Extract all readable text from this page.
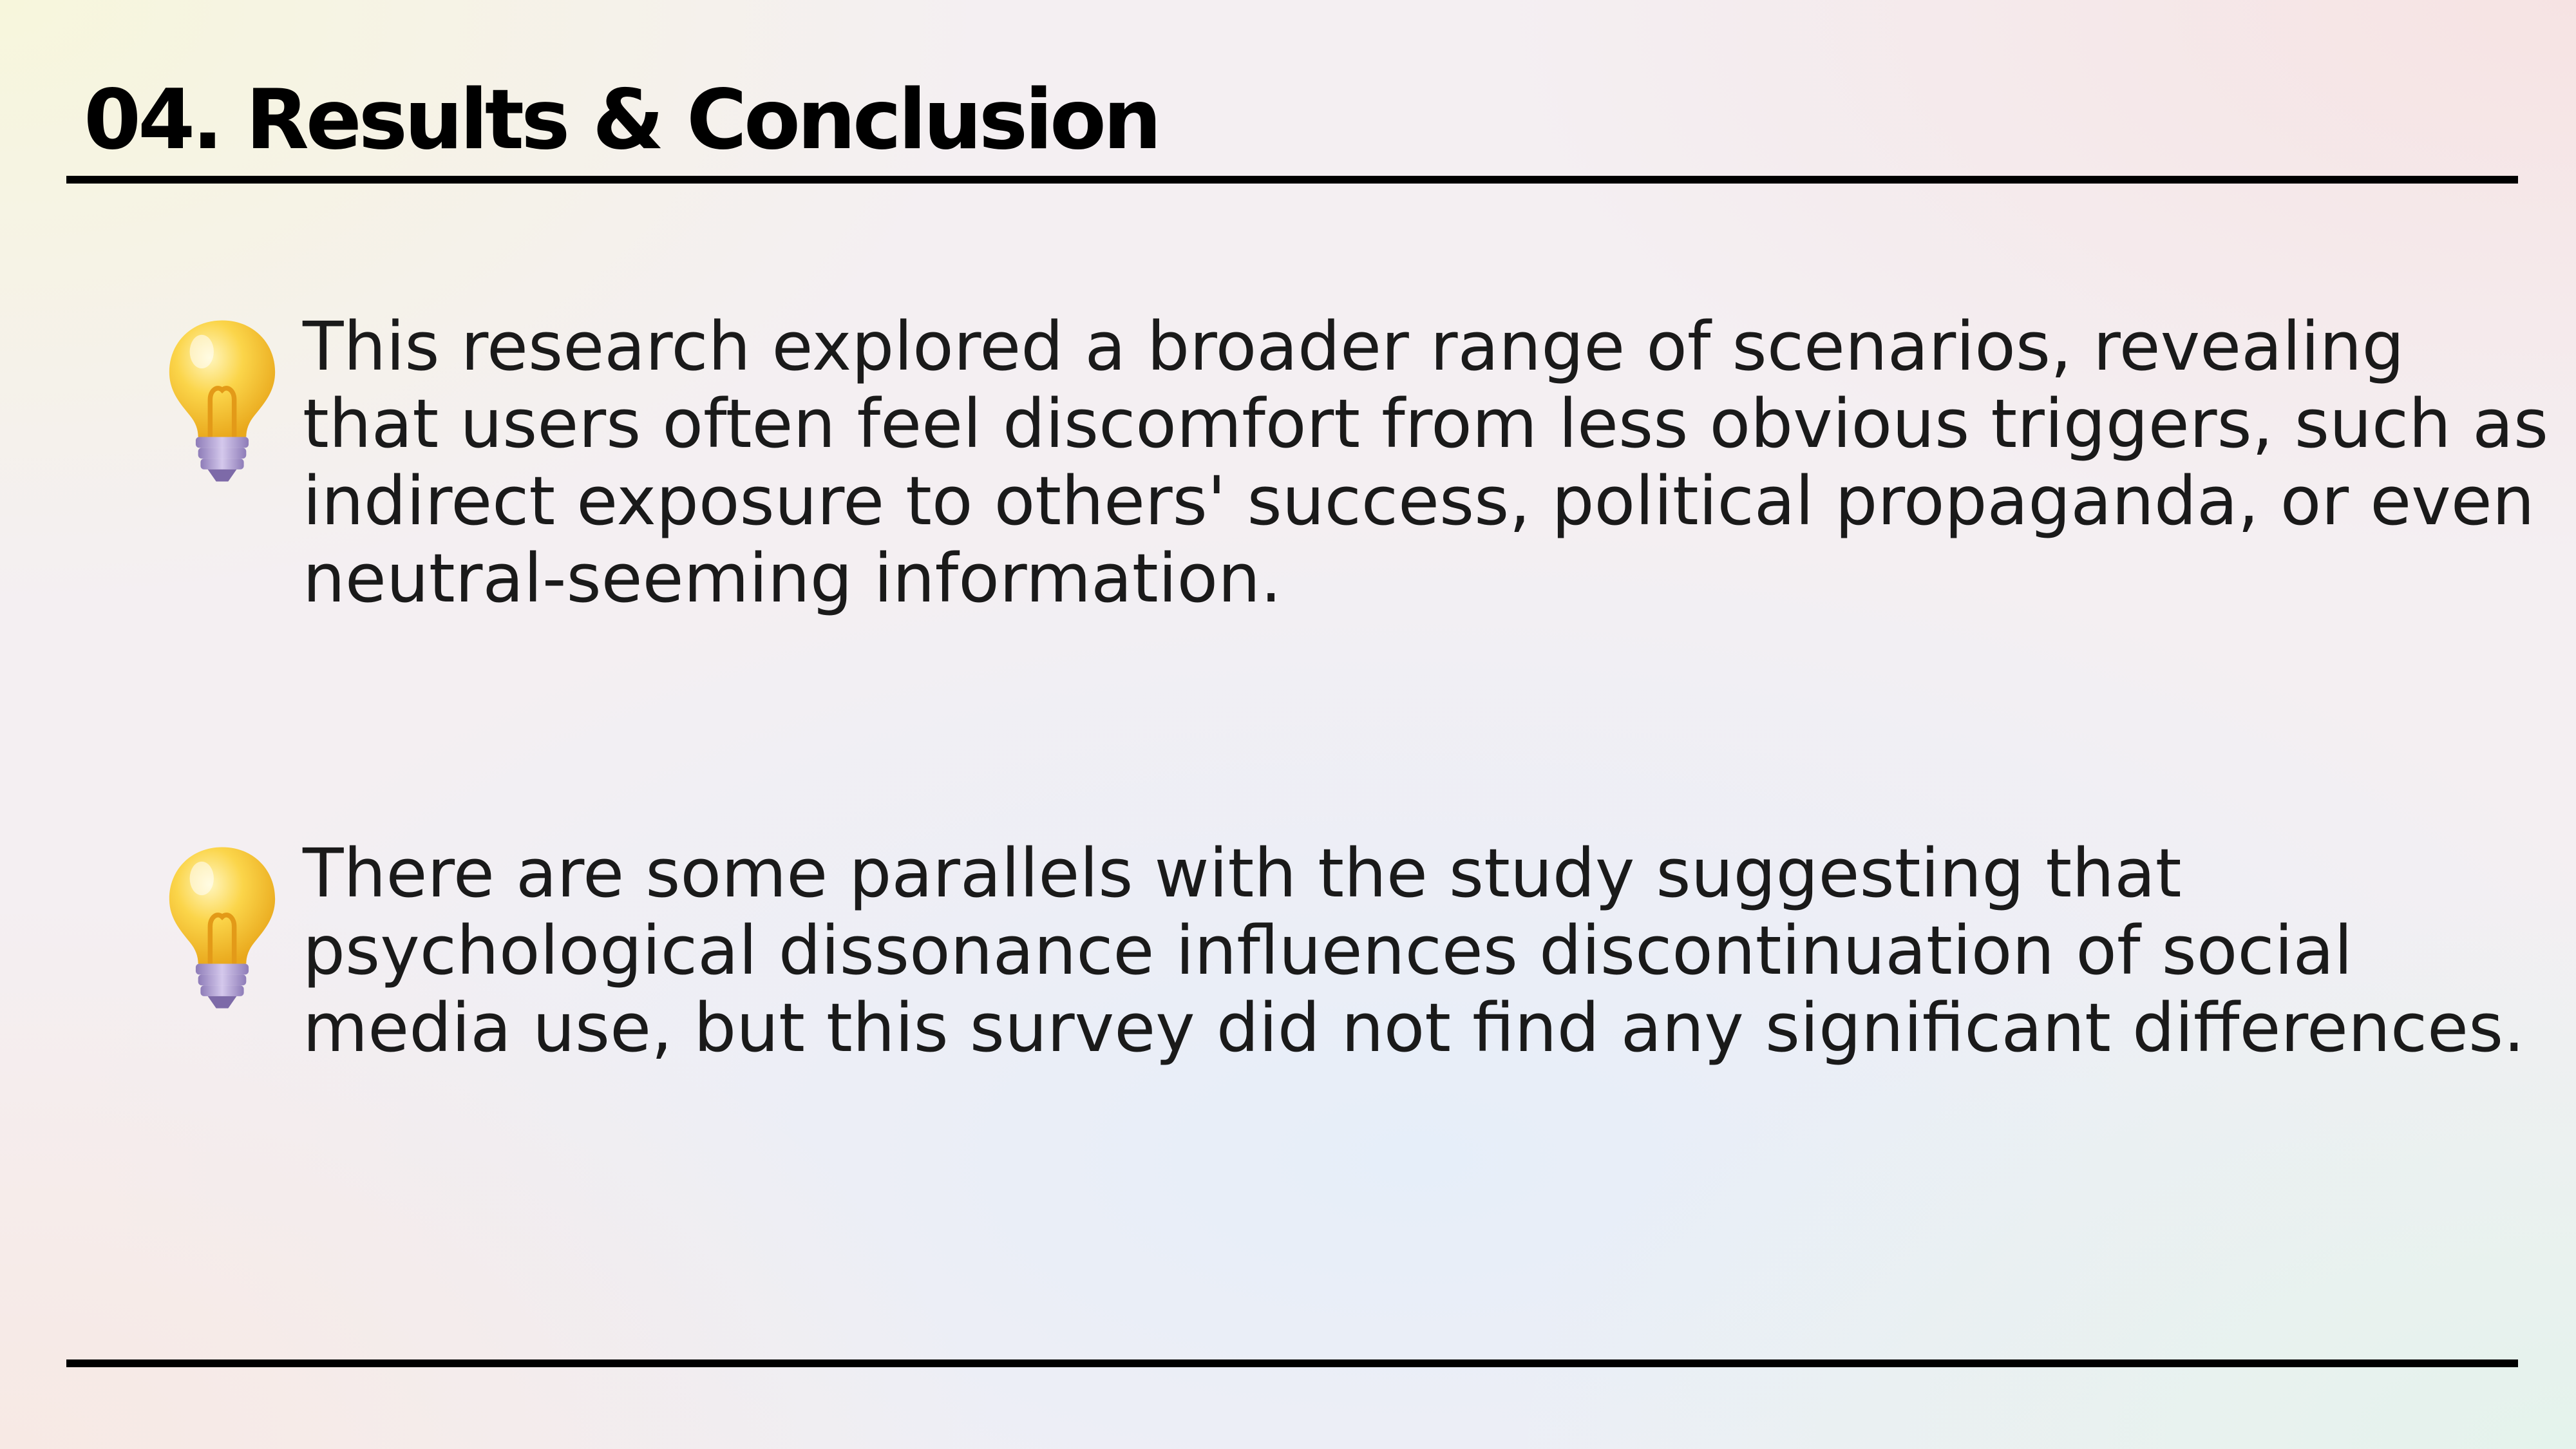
04. Results & Conclusion

This research explored a broader range of scenarios, revealing that users often feel discomfort from less obvious triggers, such as indirect exposure to others' success, political propaganda, or even neutral-seeming information.

There are some parallels with the study suggesting that psychological dissonance influences discontinuation of social media use, but this survey did not find any significant differences.
